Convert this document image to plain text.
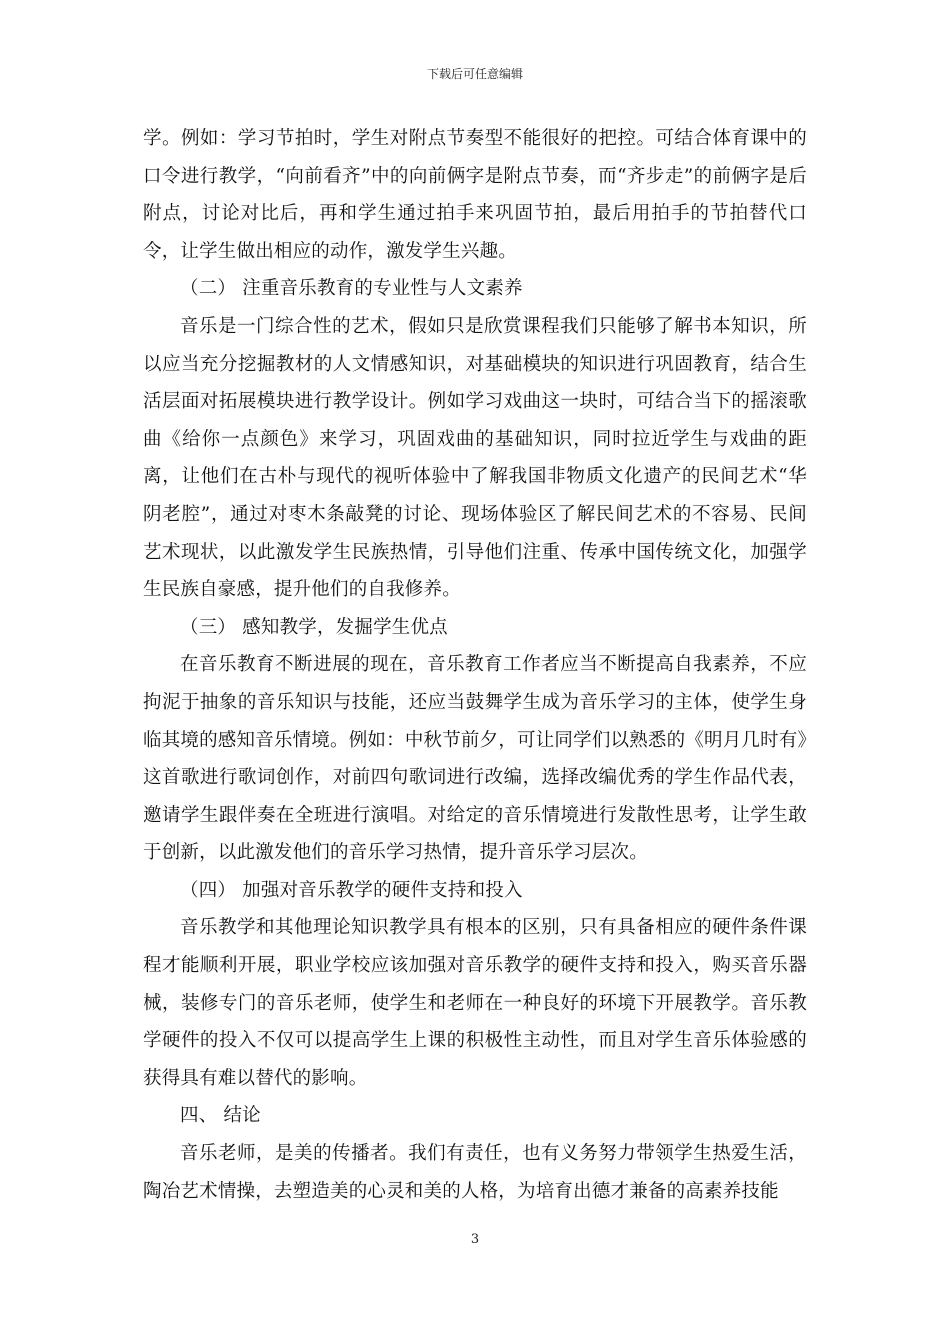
下载后可任意编辑

学。例如：学习节拍时，学生对附点节奏型不能很好的把控。可结合体育课中的口令进行教学，“向前看齐”中的向前俩字是附点节奏，而“齐步走”的前俩字是后附点，讨论对比后，再和学生通过拍手来巩固节拍，最后用拍手的节拍替代口令，让学生做出相应的动作，激发学生兴趣。

（二） 注重音乐教育的专业性与人文素养

音乐是一门综合性的艺术，假如只是欣赏课程我们只能够了解书本知识，所以应当充分挖掘教材的人文情感知识，对基础模块的知识进行巩固教育，结合生活层面对拓展模块进行教学设计。例如学习戏曲这一块时，可结合当下的摇滚歌曲《给你一点颜色》来学习，巩固戏曲的基础知识，同时拉近学生与戏曲的距离，让他们在古朴与现代的视听体验中了解我国非物质文化遗产的民间艺术“华阴老腔”，通过对枣木条敲凳的讨论、现场体验区了解民间艺术的不容易、民间艺术现状，以此激发学生民族热情，引导他们注重、传承中国传统文化，加强学生民族自豪感，提升他们的自我修养。

（三） 感知教学，发掘学生优点

在音乐教育不断进展的现在，音乐教育工作者应当不断提高自我素养，不应拘泥于抽象的音乐知识与技能，还应当鼓舞学生成为音乐学习的主体，使学生身临其境的感知音乐情境。例如：中秋节前夕，可让同学们以熟悉的《明月几时有》这首歌进行歌词创作，对前四句歌词进行改编，选择改编优秀的学生作品代表，邀请学生跟伴奏在全班进行演唱。对给定的音乐情境进行发散性思考，让学生敢于创新，以此激发他们的音乐学习热情，提升音乐学习层次。

（四） 加强对音乐教学的硬件支持和投入

音乐教学和其他理论知识教学具有根本的区别，只有具备相应的硬件条件课程才能顺利开展，职业学校应该加强对音乐教学的硬件支持和投入，购买音乐器械，装修专门的音乐老师，使学生和老师在一种良好的环境下开展教学。音乐教学硬件的投入不仅可以提高学生上课的积极性主动性，而且对学生音乐体验感的获得具有难以替代的影响。

四、 结论

音乐老师，是美的传播者。我们有责任，也有义务努力带领学生热爱生活，陶冶艺术情操，去塑造美的心灵和美的人格，为培育出德才兼备的高素养技能

3
